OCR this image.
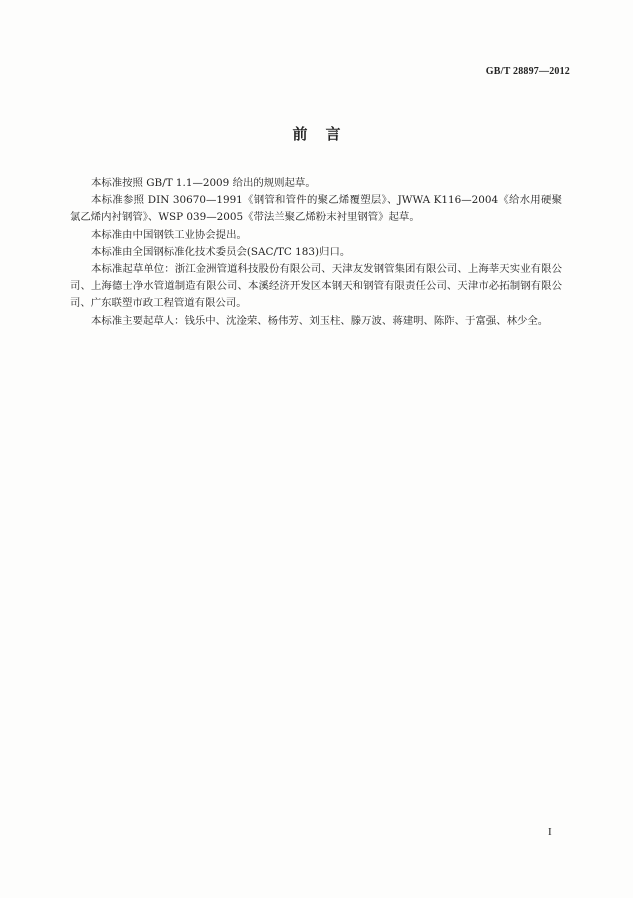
GB/T 28897—2012
前言

本标准按照 GB/T 1.1—2009 给出的规则起草。

本标准参照 DIN 30670—1991《钢管和管件的聚乙烯覆塑层》、JWWA K116—2004《给水用硬聚氯乙烯内衬钢管》、WSP 039—2005《带法兰聚乙烯粉末衬里钢管》起草。

本标准由中国钢铁工业协会提出。

本标准由全国钢标准化技术委员会(SAC/TC 183)归口。

本标准起草单位：浙江金洲管道科技股份有限公司、天津友发钢管集团有限公司、上海莘天实业有限公司、上海德士净水管道制造有限公司、本溪经济开发区本钢天和钢管有限责任公司、天津市必拓制钢有限公司、广东联塑市政工程管道有限公司。

本标准主要起草人：钱乐中、沈淦荣、杨伟芳、刘玉柱、滕万波、蒋建明、陈阼、于富强、林少全。

I
